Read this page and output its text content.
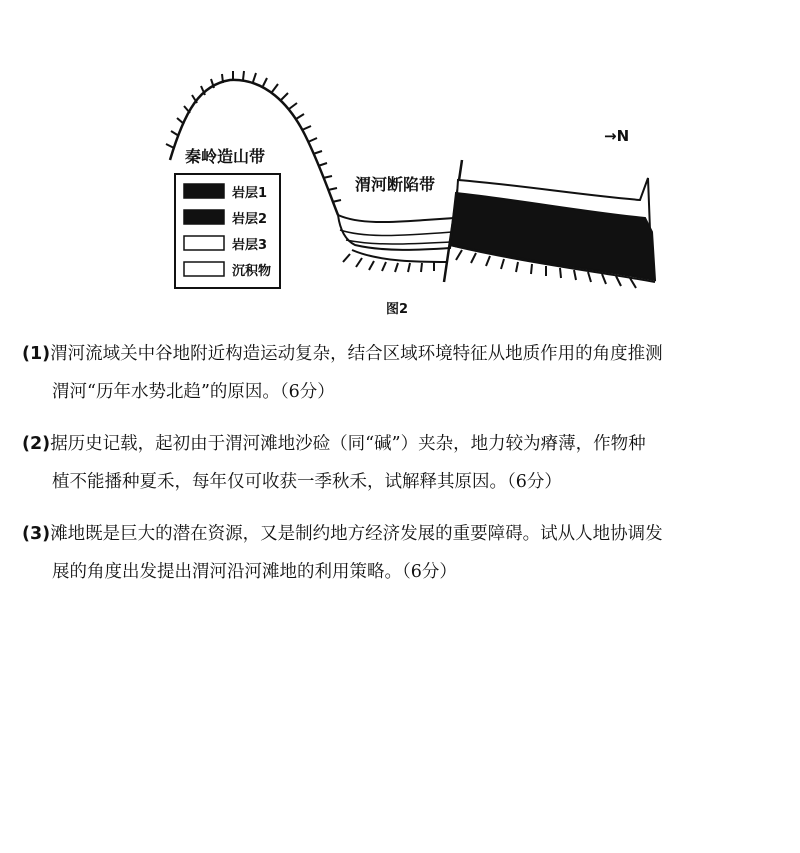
秦岭造山带
渭河断陷带
→N
岩层1
岩层2
岩层3
沉积物
图2
(1)渭河流域关中谷地附近构造运动复杂，结合区域环境特征从地质作用的角度推测
渭河“历年水势北趋”的原因。（6分）
(2)据历史记载，起初由于渭河滩地沙硷（同“碱”）夹杂，地力较为瘠薄，作物种
植不能播种夏禾，每年仅可收获一季秋禾，试解释其原因。（6分）
(3)滩地既是巨大的潜在资源，又是制约地方经济发展的重要障碍。试从人地协调发
展的角度出发提出渭河沿河滩地的利用策略。（6分）
